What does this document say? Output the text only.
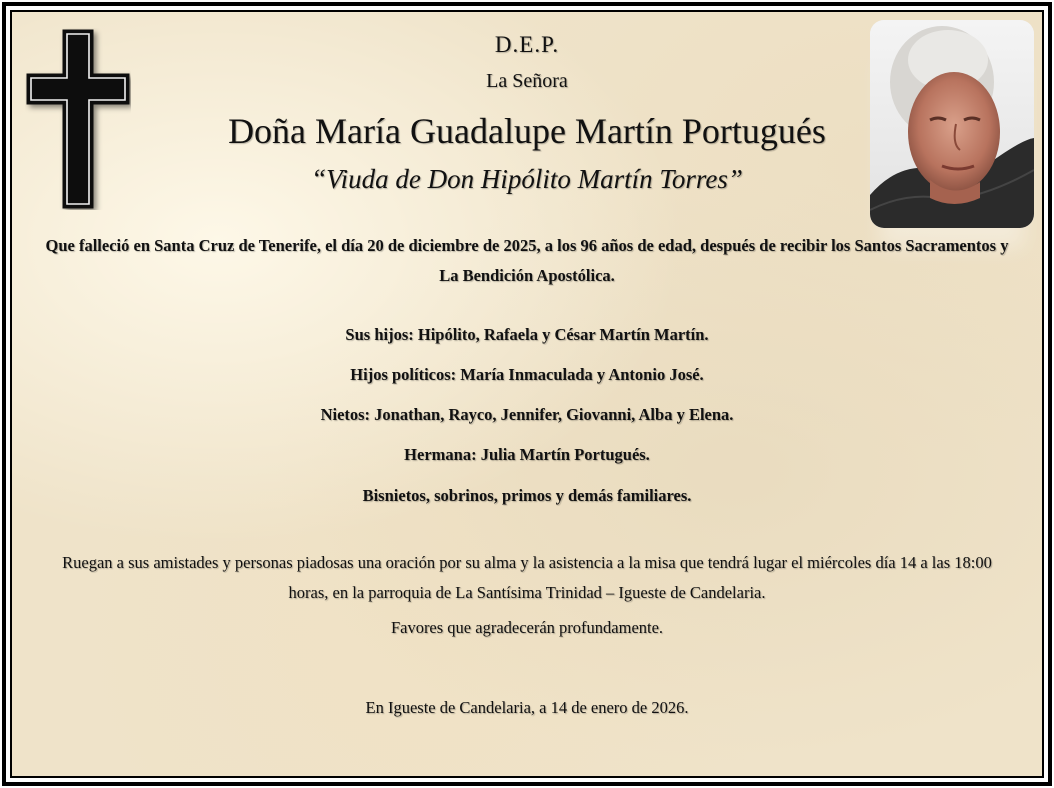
D.E.P.
La Señora
Doña María Guadalupe Martín Portugués
“Viuda de Don Hipólito Martín Torres”
Que falleció en Santa Cruz de Tenerife, el día 20 de diciembre de 2025, a los 96 años de edad, después de recibir los Santos Sacramentos y La Bendición Apostólica.
Sus hijos: Hipólito, Rafaela y César Martín Martín.
Hijos políticos: María Inmaculada y Antonio José.
Nietos: Jonathan, Rayco, Jennifer, Giovanni, Alba y Elena.
Hermana: Julia Martín Portugués.
Bisnietos, sobrinos, primos y demás familiares.
Ruegan a sus amistades y personas piadosas una oración por su alma y la asistencia a la misa que tendrá lugar el miércoles día 14 a las 18:00 horas, en la parroquia de La Santísima Trinidad – Igueste de Candelaria.
Favores que agradecerán profundamente.
En Igueste de Candelaria, a 14 de enero de 2026.
